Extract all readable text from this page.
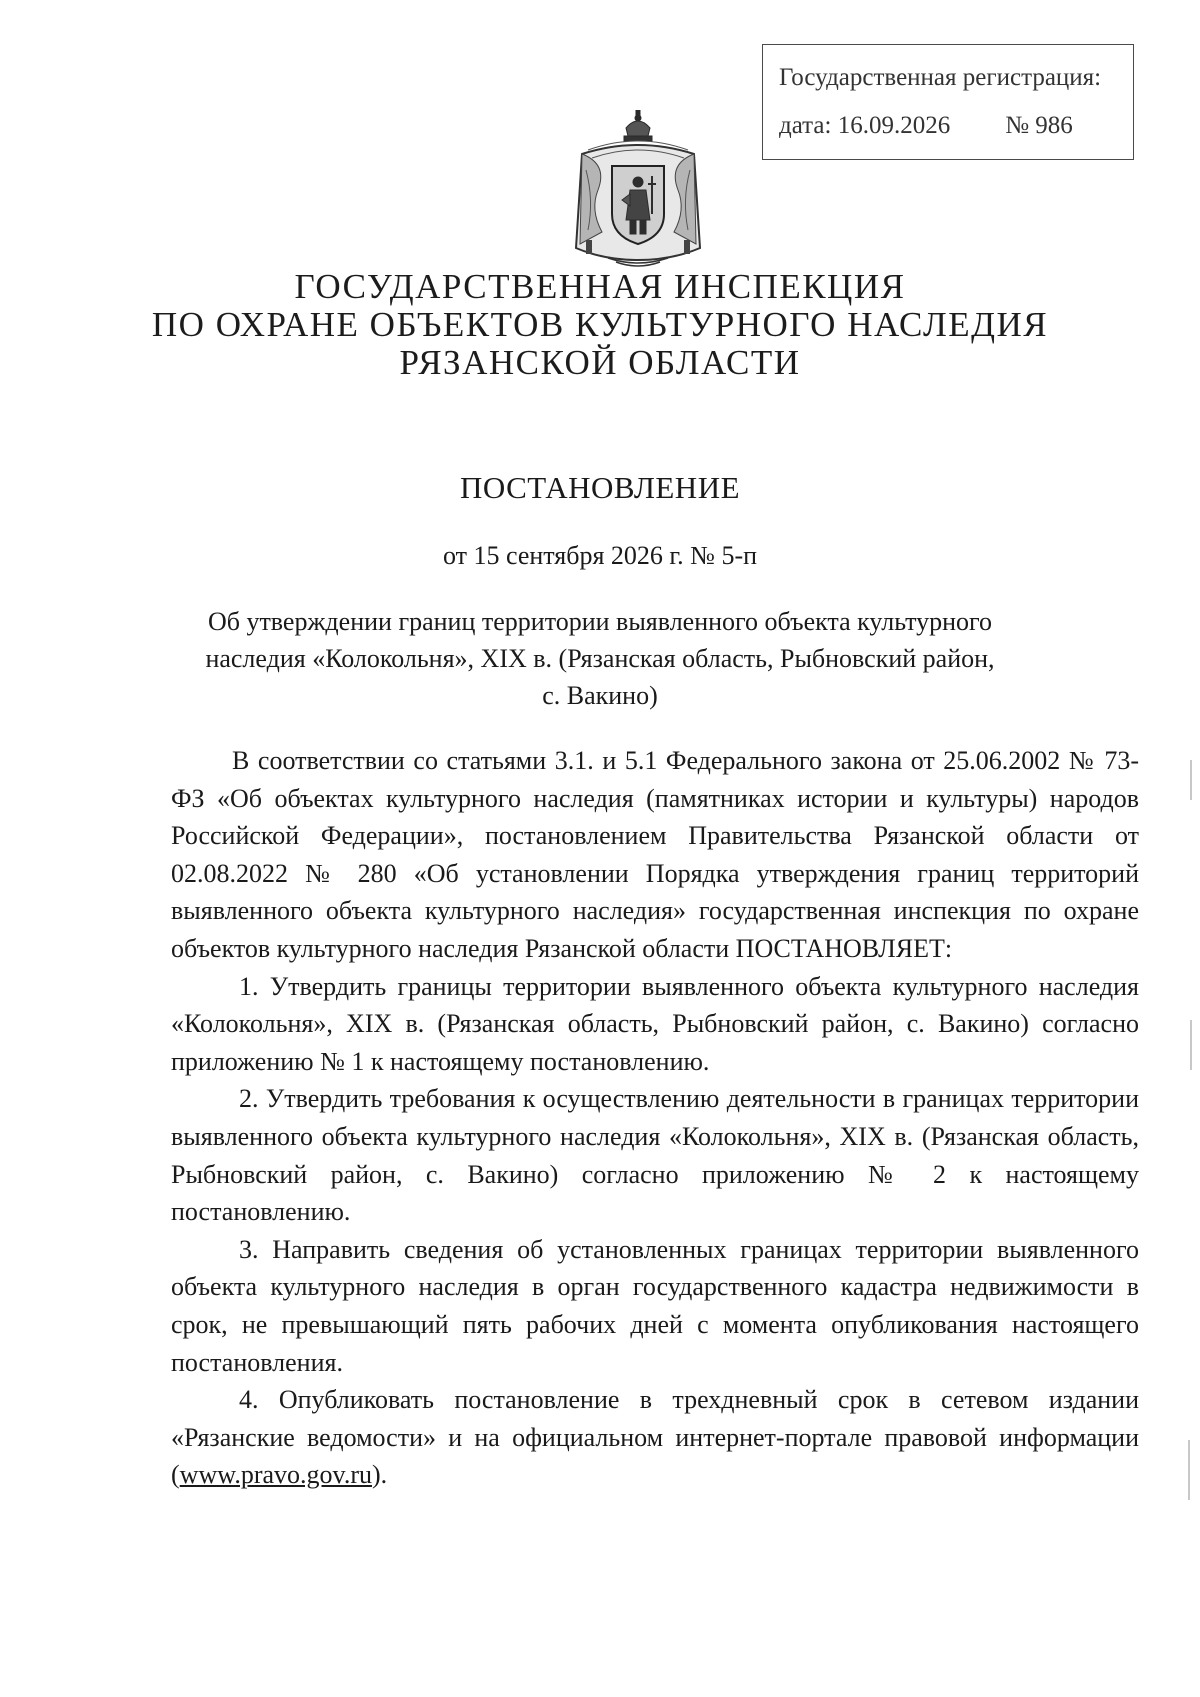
Государственная регистрация:
дата: 16.09.2026 № 986
ГОСУДАРСТВЕННАЯ ИНСПЕКЦИЯ
ПО ОХРАНЕ ОБЪЕКТОВ КУЛЬТУРНОГО НАСЛЕДИЯ
РЯЗАНСКОЙ ОБЛАСТИ
ПОСТАНОВЛЕНИЕ
от 15 сентября 2026 г. № 5-п
Об утверждении границ территории выявленного объекта культурного
наследия «Колокольня», XIX в. (Рязанская область, Рыбновский район,
с. Вакино)

В соответствии со статьями 3.1. и 5.1 Федерального закона от 25.06.2002 № 73-ФЗ «Об объектах культурного наследия (памятниках истории и культуры) народов Российской Федерации», постановлением Правительства Рязанской области от 02.08.2022 № 280 «Об установлении Порядка утверждения границ территорий выявленного объекта культурного наследия» государственная инспекция по охране объектов культурного наследия Рязанской области ПОСТАНОВЛЯЕТ:

1. Утвердить границы территории выявленного объекта культурного наследия «Колокольня», XIX в. (Рязанская область, Рыбновский район, с. Вакино) согласно приложению № 1 к настоящему постановлению.

2. Утвердить требования к осуществлению деятельности в границах территории выявленного объекта культурного наследия «Колокольня», XIX в. (Рязанская область, Рыбновский район, с. Вакино) согласно приложению № 2 к настоящему постановлению.

3. Направить сведения об установленных границах территории выявленного объекта культурного наследия в орган государственного кадастра недвижимости в срок, не превышающий пять рабочих дней с момента опубликования настоящего постановления.

4. Опубликовать постановление в трехдневный срок в сетевом издании «Рязанские ведомости» и на официальном интернет-портале правовой информации (www.pravo.gov.ru).
